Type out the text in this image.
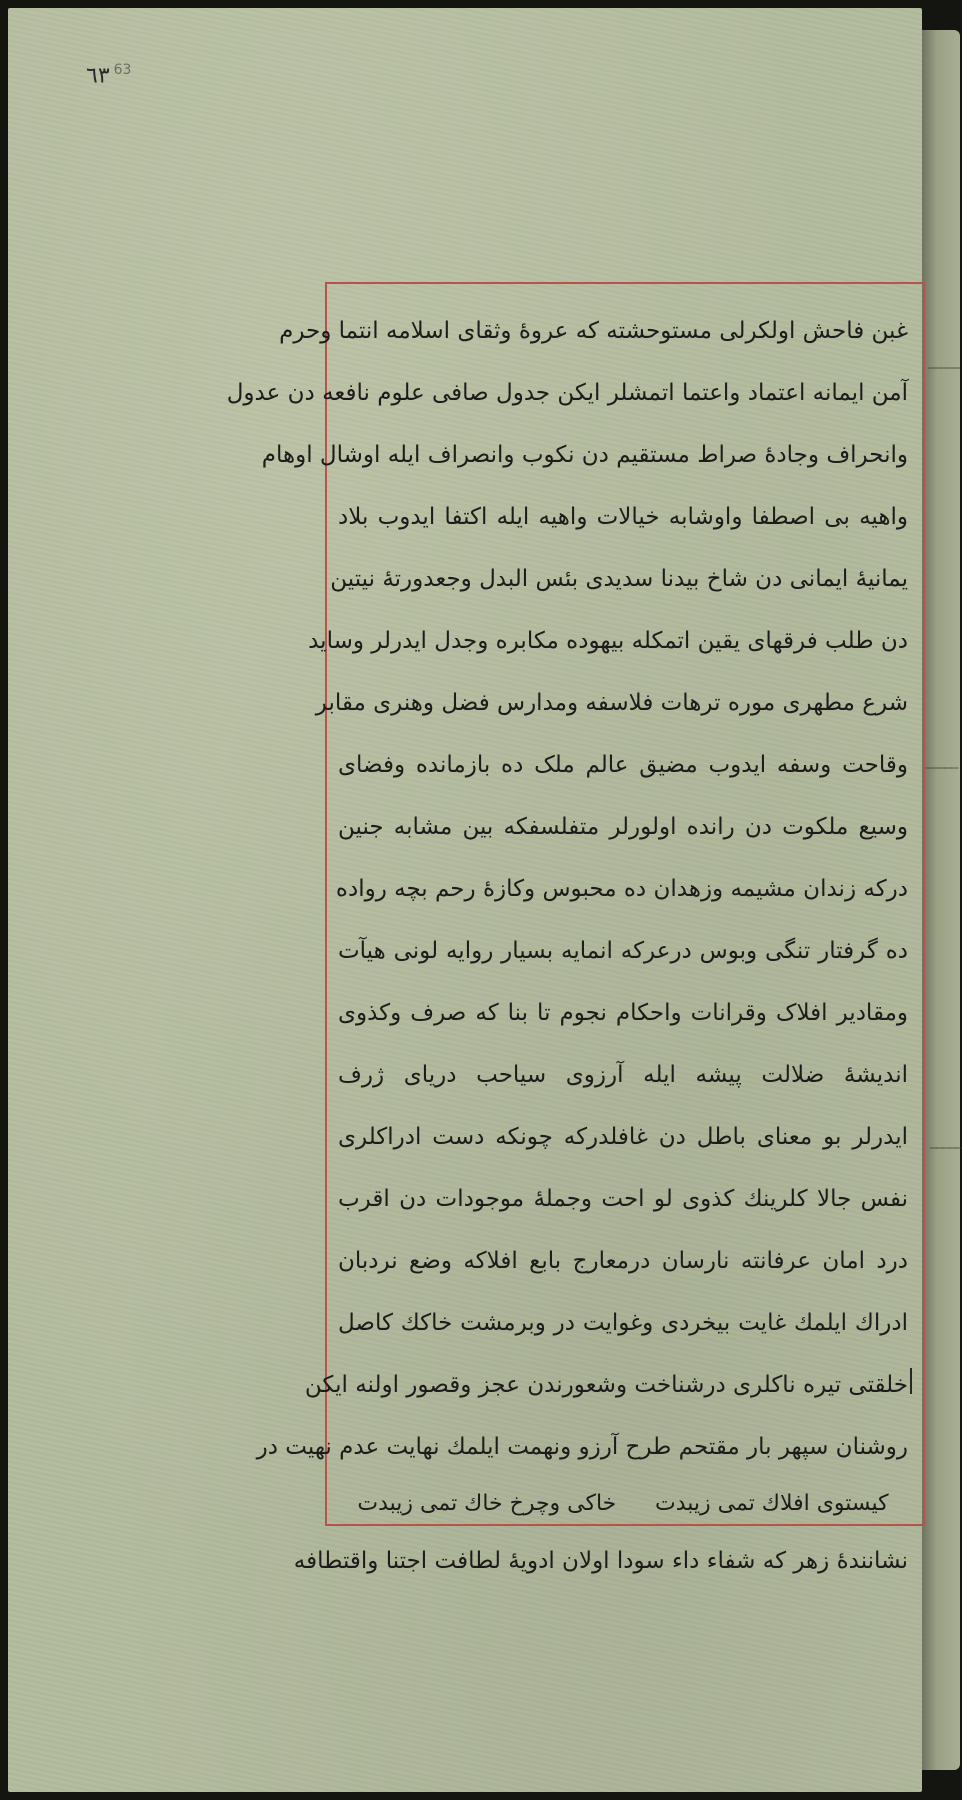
ـــــ
ـــــ
ـــــ
٦٣ $^{63}$
غبن فاحش اولکرلی مستوحشته که عروۀ وثقای اسلامه انتما وحرم
آمن ایمانه اعتماد واعتما اتمشلر ایکن جدول صافی علوم نافعه دن عدول
وانحراف وجادۀ صراط مستقیم دن نکوب وانصراف ایله اوشال اوهام
واهیه بی اصطفا واوشابه خیالات واهیه ایله اکتفا ایدوب بلاد
یمانیۀ ایمانی دن شاخ بیدنا سدیدی بئس البدل وجعدورتهٔ نیتین
دن طلب فرقهای یقین اتمکله بیهوده مکابره وجدل ایدرلر وساید
شرع مطهری موره ترهات فلاسفه ومدارس فضل وهنری مقابر
وقاحت وسفه ایدوب مضیق عالم ملک ده بازمانده وفضای
وسیع ملکوت دن رانده اولورلر متفلسفکه بین مشابه جنین
درکه زندان مشیمه وزهدان ده محبوس وکازۀ رحم بچه رواده
ده گرفتار تنگی وبوس درعرکه انمایه بسیار روایه لونی هیآت
ومقادیر افلاک وقرانات واحکام نجوم تا بنا که صرف وکذوی
اندیشۀ ضلالت پیشه ایله آرزوی سیاحب دریای ژرف
ایدرلر بو معنای باطل دن غافلدرکه چونکه دست ادراکلری
نفس جالا کلرینك کذوی لو احت وجملۀ موجودات دن اقرب
درد امان عرفانته نارسان درمعارج بابع افلاکه وضع نردبان
ادراك ایلمك غایت بیخردی وغوایت در وبرمشت خاکك کاصل
خلقتی تیره ناکلری درشناخت وشعورندن عجز وقصور اولنه ایکن
روشنان سپهر بار مقتحم طرح آرزو ونهمت ایلمك نهایت عدم نهیت در
کیستوی افلاك تمی زیبدت
خاکی وچرخ خاك تمی زیبدت
نشانندۀ زهر که شفاء داء سودا اولان ادویۀ لطافت اجتنا واقتطافه
